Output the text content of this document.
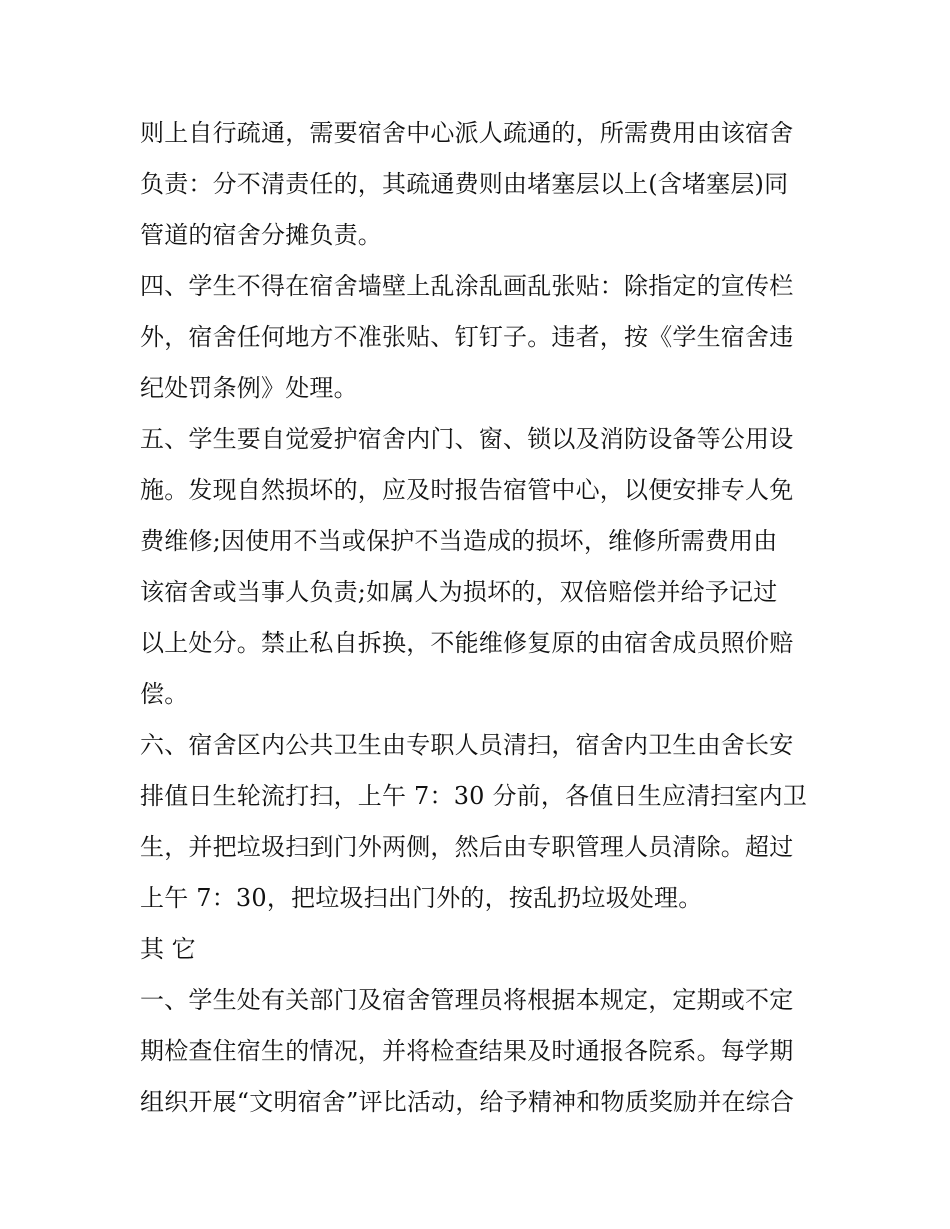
则上自行疏通，需要宿舍中心派人疏通的，所需费用由该宿舍
负责：分不清责任的，其疏通费则由堵塞层以上(含堵塞层)同
管道的宿舍分摊负责。
四、学生不得在宿舍墙壁上乱涂乱画乱张贴：除指定的宣传栏
外，宿舍任何地方不准张贴、钉钉子。违者，按《学生宿舍违
纪处罚条例》处理。
五、学生要自觉爱护宿舍内门、窗、锁以及消防设备等公用设
施。发现自然损坏的，应及时报告宿管中心，以便安排专人免
费维修;因使用不当或保护不当造成的损坏，维修所需费用由
该宿舍或当事人负责;如属人为损坏的，双倍赔偿并给予记过
以上处分。禁止私自拆换，不能维修复原的由宿舍成员照价赔
偿。
六、宿舍区内公共卫生由专职人员清扫，宿舍内卫生由舍长安
排值日生轮流打扫，上午 7：30 分前，各值日生应清扫室内卫
生，并把垃圾扫到门外两侧，然后由专职管理人员清除。超过
上午 7：30，把垃圾扫出门外的，按乱扔垃圾处理。
其 它
一、学生处有关部门及宿舍管理员将根据本规定，定期或不定
期检查住宿生的情况，并将检查结果及时通报各院系。每学期
组织开展“文明宿舍”评比活动，给予精神和物质奖励并在综合
